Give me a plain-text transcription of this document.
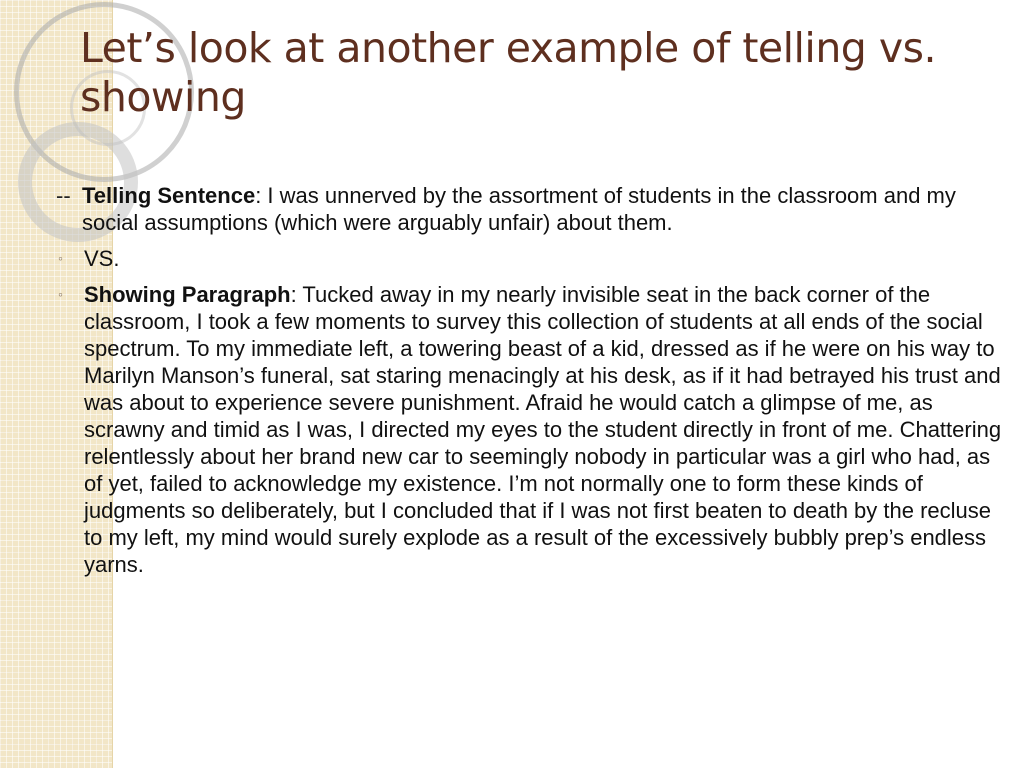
Let’s look at another example of telling vs. showing
-- Telling Sentence: I was unnerved by the assortment of students in the classroom and my social assumptions (which were arguably unfair) about them.
◦ VS.
◦ Showing Paragraph: Tucked away in my nearly invisible seat in the back corner of the classroom, I took a few moments to survey this collection of students at all ends of the social spectrum. To my immediate left, a towering beast of a kid, dressed as if he were on his way to Marilyn Manson’s funeral, sat staring menacingly at his desk, as if it had betrayed his trust and was about to experience severe punishment. Afraid he would catch a glimpse of me, as scrawny and timid as I was, I directed my eyes to the student directly in front of me. Chattering relentlessly about her brand new car to seemingly nobody in particular was a girl who had, as of yet, failed to acknowledge my existence. I’m not normally one to form these kinds of judgments so deliberately, but I concluded that if I was not first beaten to death by the recluse to my left, my mind would surely explode as a result of the excessively bubbly prep’s endless yarns.
